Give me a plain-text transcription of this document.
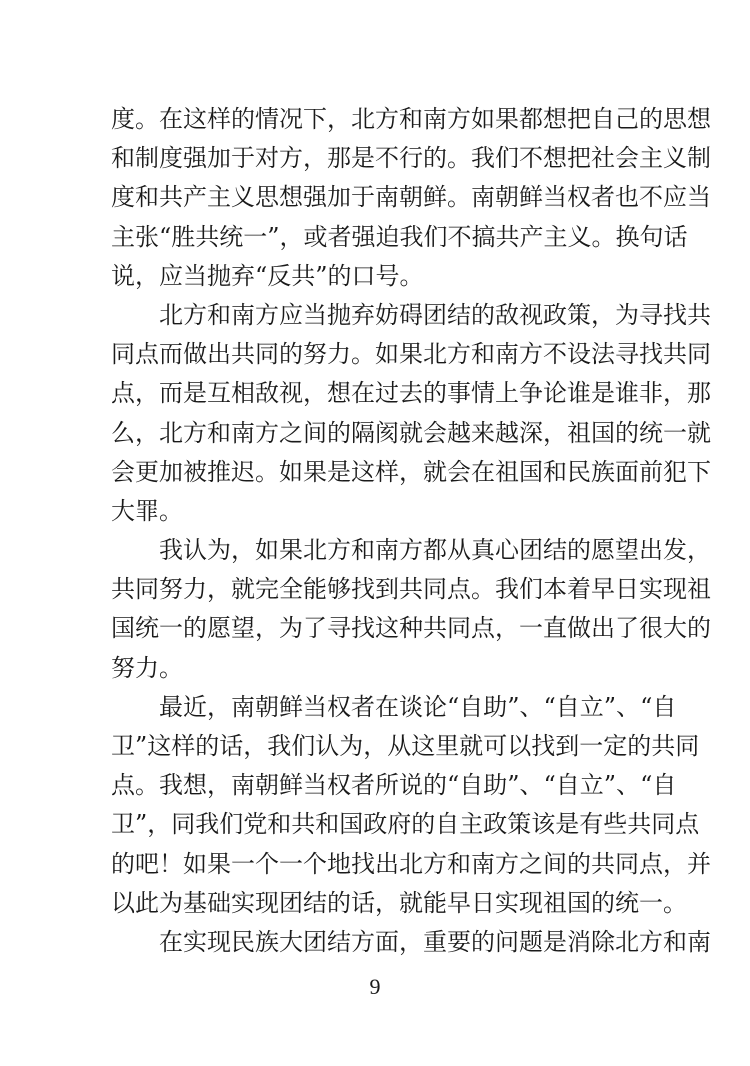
度。在这样的情况下，北方和南方如果都想把自己的思想
和制度强加于对方，那是不行的。我们不想把社会主义制
度和共产主义思想强加于南朝鲜。南朝鲜当权者也不应当
主张“胜共统一”，或者强迫我们不搞共产主义。换句话
说，应当抛弃“反共”的口号。
北方和南方应当抛弃妨碍团结的敌视政策，为寻找共
同点而做出共同的努力。如果北方和南方不设法寻找共同
点，而是互相敌视，想在过去的事情上争论谁是谁非，那
么，北方和南方之间的隔阂就会越来越深，祖国的统一就
会更加被推迟。如果是这样，就会在祖国和民族面前犯下
大罪。
我认为，如果北方和南方都从真心团结的愿望出发，
共同努力，就完全能够找到共同点。我们本着早日实现祖
国统一的愿望，为了寻找这种共同点，一直做出了很大的
努力。
最近，南朝鲜当权者在谈论“自助”、“自立”、“自
卫”这样的话，我们认为，从这里就可以找到一定的共同
点。我想，南朝鲜当权者所说的“自助”、“自立”、“自
卫”，同我们党和共和国政府的自主政策该是有些共同点
的吧！如果一个一个地找出北方和南方之间的共同点，并
以此为基础实现团结的话，就能早日实现祖国的统一。
在实现民族大团结方面，重要的问题是消除北方和南
9
